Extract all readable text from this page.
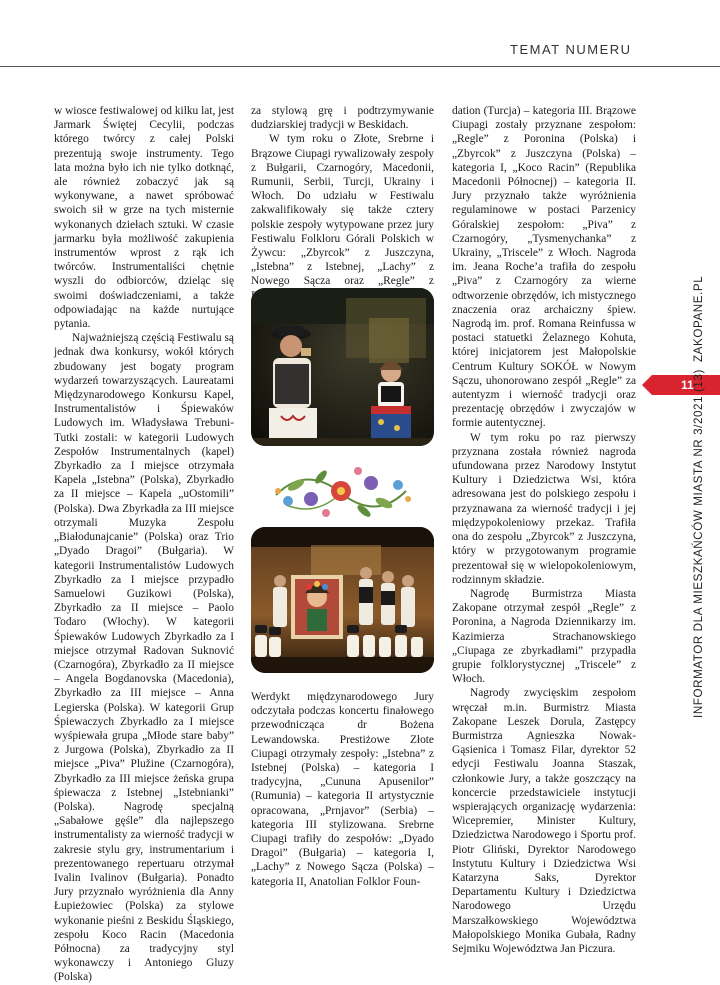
TEMAT NUMERU

w wiosce festiwalowej od kilku lat, jest Jarmark Świętej Cecylii, podczas którego twórcy z całej Polski prezentują swoje instrumenty. Tego lata można było ich nie tylko dotknąć, ale również zobaczyć jak są wykonywane, a nawet spróbować swoich sił w grze na tych misternie wykonanych dziełach sztuki. W czasie jarmarku była możliwość zakupienia instrumentów wprost z rąk ich twórców. Instrumentaliści chętnie wyszli do odbiorców, dzieląc się swoimi doświadczeniami, a także odpowiadając na każde nurtujące pytania.

Najważniejszą częścią Festiwalu są jednak dwa konkursy, wokół których zbudowany jest bogaty program wydarzeń towarzyszących. Laureatami Międzynarodowego Konkursu Kapel, Instrumentalistów i Śpiewaków Ludowych im. Władysława Trebuni-Tutki zostali: w kategorii Ludowych Zespołów Instrumentalnych (kapel) Zbyrkadło za I miejsce otrzymała Kapela „Istebna” (Polska), Zbyrkadło za II miejsce – Kapela „uOstomili” (Polska). Dwa Zbyrkadła za III miejsce otrzymali Muzyka Zespołu „Białodunajcanie” (Polska) oraz Trio „Dyado Dragoi” (Bułgaria). W kategorii Instrumentalistów Ludowych Zbyrkadło za I miejsce przypadło Samuelowi Guzikowi (Polska), Zbyrkadło za II miejsce – Paolo Todaro (Włochy). W kategorii Śpiewaków Ludowych Zbyrkadło za I miejsce otrzymał Radovan Suknović (Czarnogóra), Zbyrkadło za II miejsce – Angela Bogdanovska (Macedonia), Zbyrkadło za III miejsce – Anna Legierska (Polska). W kategorii Grup Śpiewaczych Zbyrkadło za I miejsce wyśpiewała grupa „Młode stare baby” z Jurgowa (Polska), Zbyrkadło za II miejsce „Piva” Plužine (Czarnogóra), Zbyrkadło za III miejsce żeńska grupa śpiewacza z Istebnej „Istebnianki” (Polska). Nagrodę specjalną „Sabałowe gęśle” dla najlepszego instrumentalisty za wierność tradycji w zakresie stylu gry, instrumentarium i prezentowanego repertuaru otrzymał Ivalin Ivalinov (Bułgaria). Ponadto Jury przyznało wyróżnienia dla Anny Łupieżowiec (Polska) za stylowe wykonanie pieśni z Beskidu Śląskiego, zespołu Koco Racin (Macedonia Północna) za tradycyjny styl wykonawczy i Antoniego Gluzy (Polska)

za stylową grę i podtrzymywanie dudziarskiej tradycji w Beskidach.

W tym roku o Złote, Srebrne i Brązowe Ciupagi rywalizowały zespoły z Bułgarii, Czarnogóry, Macedonii, Rumunii, Serbii, Turcji, Ukrainy i Włoch. Do udziału w Festiwalu zakwalifikowały się także cztery polskie zespoły wytypowane przez jury Festiwalu Folkloru Górali Polskich w Żywcu: „Zbyrcok” z Juszczyna, „Istebna” z Istebnej, „Lachy” z Nowego Sącza oraz „Regle” z

Werdykt międzynarodowego Jury odczytała podczas koncertu finałowego przewodnicząca dr Bożena Lewandowska. Prestiżowe Złote Ciupagi otrzymały zespoły: „Istebna” z Istebnej (Polska) – kategoria I tradycyjna, „Cununa Apusenilor” (Rumunia) – kategoria II artystycznie opracowana, „Prnjavor” (Serbia) – kategoria III stylizowana. Srebrne Ciupagi trafiły do zespołów: „Dyado Dragoi” (Bułgaria) – kategoria I, „Lachy” z Nowego Sącza (Polska) – kategoria II, Anatolian Folklor Foun-

dation (Turcja) – kategoria III. Brązowe Ciupagi zostały przyznane zespołom: „Regle” z Poronina (Polska) i „Zbyrcok” z Juszczyna (Polska) – kategoria I, „Koco Racin” (Republika Macedonii Północnej) – kategoria II. Jury przyznało także wyróżnienia regulaminowe w postaci Parzenicy Góralskiej zespołom: „Piva” z Czarnogóry, „Tysmenychanka” z Ukrainy, „Triscele” z Włoch. Nagroda im. Jeana Roche’a trafiła do zespołu „Piva” z Czarnogóry za wierne odtworzenie obrzędów, ich mistycznego znaczenia oraz archaiczny śpiew. Nagrodą im. prof. Romana Reinfussa w postaci statuetki Żelaznego Kohuta, której inicjatorem jest Małopolskie Centrum Kultury SOKÓŁ w Nowym Sączu, uhonorowano zespół „Regle” za autentyzm i wierność tradycji oraz prezentację obrzędów i zwyczajów w formie autentycznej.

W tym roku po raz pierwszy przyznana została również nagroda ufundowana przez Narodowy Instytut Kultury i Dziedzictwa Wsi, która adresowana jest do polskiego zespołu i przyznawana za wierność tradycji i jej międzypokoleniowy przekaz. Trafiła ona do zespołu „Zbyrcok” z Juszczyna, który w przygotowanym programie prezentował się w wielopokoleniowym, rodzinnym składzie.

Nagrodę Burmistrza Miasta Zakopane otrzymał zespół „Regle” z Poronina, a Nagroda Dziennikarzy im. Kazimierza Strachanowskiego „Ciupaga ze zbyrkadłami” przypadła grupie folklorystycznej „Triscele” z Włoch.

Nagrody zwycięskim zespołom wręczał m.in. Burmistrz Miasta Zakopane Leszek Dorula, Zastępcy Burmistrza Agnieszka Nowak-Gąsienica i Tomasz Filar, dyrektor 52 edycji Festiwalu Joanna Staszak, członkowie Jury, a także goszczący na koncercie przedstawiciele instytucji wspierających organizację wydarzenia: Wicepremier, Minister Kultury, Dziedzictwa Narodowego i Sportu prof. Piotr Gliński, Dyrektor Narodowego Instytutu Kultury i Dziedzictwa Wsi Katarzyna Saks, Dyrektor Departamentu Kultury i Dziedzictwa Narodowego Urzędu Marszałkowskiego Województwa Małopolskiego Monika Gubała, Radny Sejmiku Województwa Jan Piczura.

ZAKOPANE.PL
11
INFORMATOR DLA MIESZKAŃCÓW MIASTA NR 3/2021 (13)
